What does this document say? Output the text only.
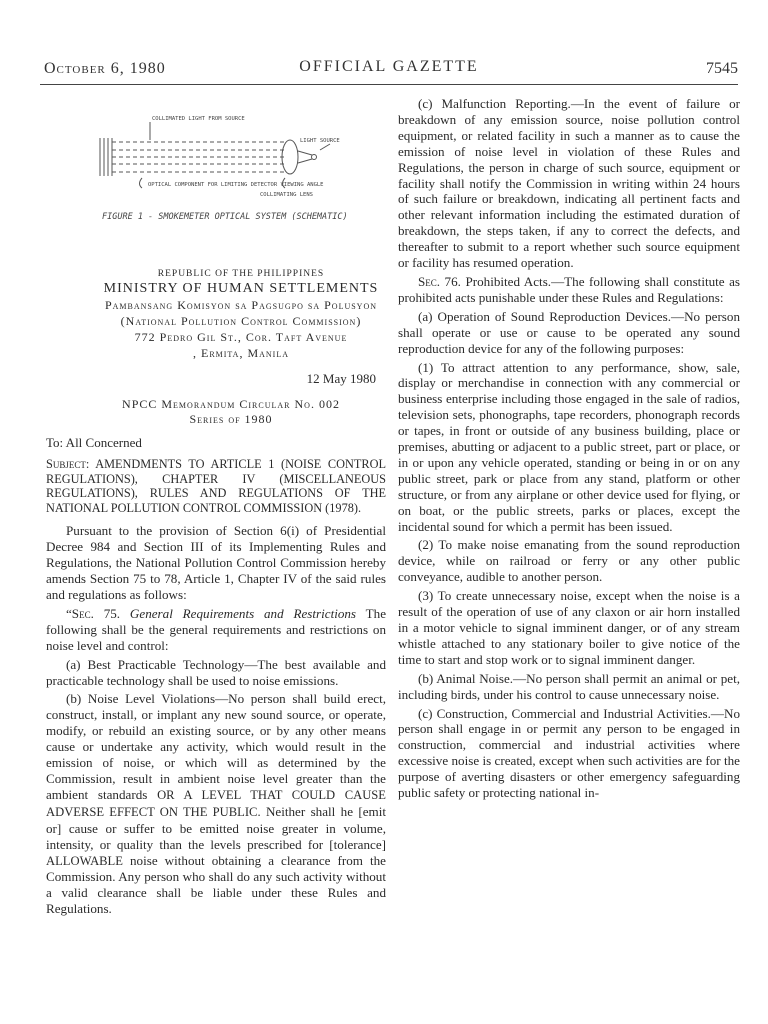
October 6, 1980	OFFICIAL GAZETTE	7545
COLLIMATED LIGHT FROM SOURCE
LIGHT SOURCE
OPTICAL COMPONENT FOR LIMITING DETECTOR VIEWING ANGLE
COLLIMATING LENS
FIGURE 1 - SMOKEMETER OPTICAL SYSTEM (SCHEMATIC)
REPUBLIC OF THE PHILIPPINES
MINISTRY OF HUMAN SETTLEMENTS
Pambansang Komisyon sa Pagsugpo sa Polusyon
(National Pollution Control Commission)
772 Pedro Gil St., Cor. Taft Avenue
, Ermita, Manila
12 May 1980
NPCC Memorandum Circular No. 002
Series of 1980
To: All Concerned

Subject: AMENDMENTS TO ARTICLE 1 (NOISE CONTROL REGULATIONS), CHAPTER IV (MISCELLANEOUS REGULATIONS), RULES AND REGULATIONS OF THE NATIONAL POLLUTION CONTROL COMMISSION (1978).

Pursuant to the provision of Section 6(i) of Presidential Decree 984 and Section III of its Implementing Rules and Regulations, the National Pollution Control Commission hereby amends Section 75 to 78, Article 1, Chapter IV of the said rules and regulations as follows:

“Sec. 75. General Requirements and Restrictions The following shall be the general requirements and restrictions on noise level and control:

(a) Best Practicable Technology—The best available and practicable technology shall be used to noise emissions.

(b) Noise Level Violations—No person shall build erect, construct, install, or implant any new sound source, or operate, modify, or rebuild an existing source, or by any other means cause or undertake any activity, which would result in the emission of noise, or which will as determined by the Commission, result in ambient noise level greater than the ambient standards OR A LEVEL THAT COULD CAUSE ADVERSE EFFECT ON THE PUBLIC. Neither shall he [emit or] cause or suffer to be emitted noise greater in volume, intensity, or quality than the levels prescribed for [tolerance] ALLOWABLE noise without obtaining a clearance from the Commission. Any person who shall do any such activity without a valid clearance shall be liable under these Rules and Regulations.

(c) Malfunction Reporting.—In the event of failure or breakdown of any emission source, noise pollution control equipment, or related facility in such a manner as to cause the emission of noise level in violation of these Rules and Regulations, the person in charge of such source, equipment or facility shall notify the Commission in writing within 24 hours of such failure or breakdown, indicating all pertinent facts and other relevant information including the estimated duration of breakdown, the steps taken, if any to correct the defects, and thereafter to submit to a report whether such source equipment or facility has resumed operation.

Sec. 76. Prohibited Acts.—The following shall constitute as prohibited acts punishable under these Rules and Regulations:

(a) Operation of Sound Reproduction Devices.—No person shall operate or use or cause to be operated any sound reproduction device for any of the following purposes:

(1) To attract attention to any performance, show, sale, display or merchandise in connection with any commercial or business enterprise including those engaged in the sale of radios, television sets, phonographs, tape recorders, phonograph records or tapes, in front or outside of any business building, place or premises, abutting or adjacent to a public street, part or place, or in or upon any vehicle operated, standing or being in or on any public street, park or place from any stand, platform or other structure, or from any airplane or other device used for flying, or on boat, or the public streets, parks or places, except the incidental sound for which a permit has been issued.

(2) To make noise emanating from the sound reproduction device, while on railroad or ferry or any other public conveyance, audible to another person.

(3) To create unnecessary noise, except when the noise is a result of the operation of use of any claxon or air horn installed in a motor vehicle to signal imminent danger, or of any stream whistle attached to any stationary boiler to give notice of the time to start and stop work or to signal imminent danger.

(b) Animal Noise.—No person shall permit an animal or pet, including birds, under his control to cause unnecessary noise.

(c) Construction, Commercial and Industrial Activities.—No person shall engage in or permit any person to be engaged in construction, commercial and industrial activities where excessive noise is created, except when such activities are for the purpose of averting disasters or other emergency safeguarding public safety or protecting national in-
